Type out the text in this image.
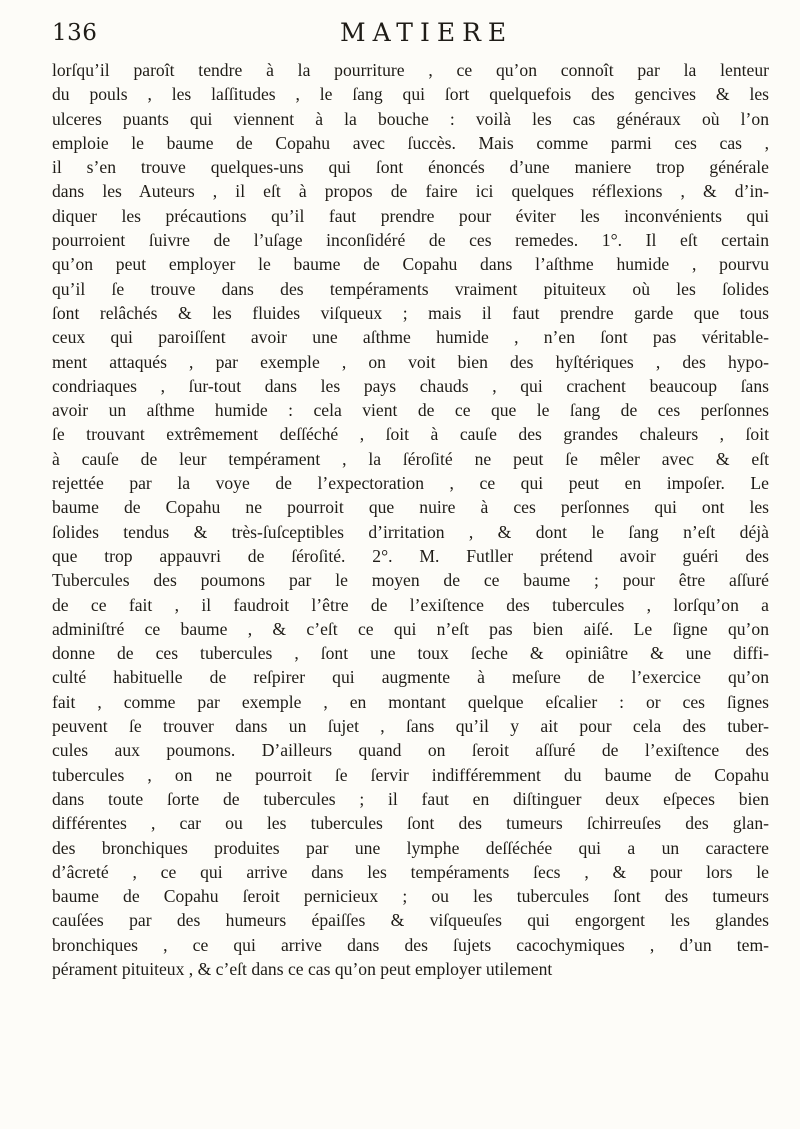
136	MATIERE
lorſqu’il paroît tendre à la pourriture , ce qu’on connoît par la lenteur
du pouls , les laſſitudes , le ſang qui ſort quelquefois des gencives & les
ulceres puants qui viennent à la bouche : voilà les cas généraux où l’on
emploie le baume de Copahu avec ſuccès. Mais comme parmi ces cas ,
il s’en trouve quelques-uns qui ſont énoncés d’une maniere trop générale
dans les Auteurs , il eſt à propos de faire ici quelques réflexions , & d’in-
diquer les précautions qu’il faut prendre pour éviter les inconvénients qui
pourroient ſuivre de l’uſage inconſidéré de ces remedes. 1°. Il eſt certain
qu’on peut employer le baume de Copahu dans l’aſthme humide , pourvu
qu’il ſe trouve dans des tempéraments vraiment pituiteux où les ſolides
ſont relâchés & les fluides viſqueux ; mais il faut prendre garde que tous
ceux qui paroiſſent avoir une aſthme humide , n’en ſont pas véritable-
ment attaqués , par exemple , on voit bien des hyſtériques , des hypo-
condriaques , ſur-tout dans les pays chauds , qui crachent beaucoup ſans
avoir un aſthme humide : cela vient de ce que le ſang de ces perſonnes
ſe trouvant extrêmement deſſéché , ſoit à cauſe des grandes chaleurs , ſoit
à cauſe de leur tempérament , la ſéroſité ne peut ſe mêler avec & eſt
rejettée par la voye de l’expectoration , ce qui peut en impoſer. Le
baume de Copahu ne pourroit que nuire à ces perſonnes qui ont les
ſolides tendus & très-ſuſceptibles d’irritation , & dont le ſang n’eſt déjà
que trop appauvri de ſéroſité. 2°. M. Futller prétend avoir guéri des
Tubercules des poumons par le moyen de ce baume ; pour être aſſuré
de ce fait , il faudroit l’être de l’exiſtence des tubercules , lorſqu’on a
adminiſtré ce baume , & c’eſt ce qui n’eſt pas bien aiſé. Le ſigne qu’on
donne de ces tubercules , ſont une toux ſeche & opiniâtre & une diffi-
culté habituelle de reſpirer qui augmente à meſure de l’exercice qu’on
fait , comme par exemple , en montant quelque eſcalier : or ces ſignes
peuvent ſe trouver dans un ſujet , ſans qu’il y ait pour cela des tuber-
cules aux poumons. D’ailleurs quand on ſeroit aſſuré de l’exiſtence des
tubercules , on ne pourroit ſe ſervir indifféremment du baume de Copahu
dans toute ſorte de tubercules ; il faut en diſtinguer deux eſpeces bien
différentes , car ou les tubercules ſont des tumeurs ſchirreuſes des glan-
des bronchiques produites par une lymphe deſſéchée qui a un caractere
d’âcreté , ce qui arrive dans les tempéraments ſecs , & pour lors le
baume de Copahu ſeroit pernicieux ; ou les tubercules ſont des tumeurs
cauſées par des humeurs épaiſſes & viſqueuſes qui engorgent les glandes
bronchiques , ce qui arrive dans des ſujets cacochymiques , d’un tem-
pérament pituiteux , & c’eſt dans ce cas qu’on peut employer utilement
